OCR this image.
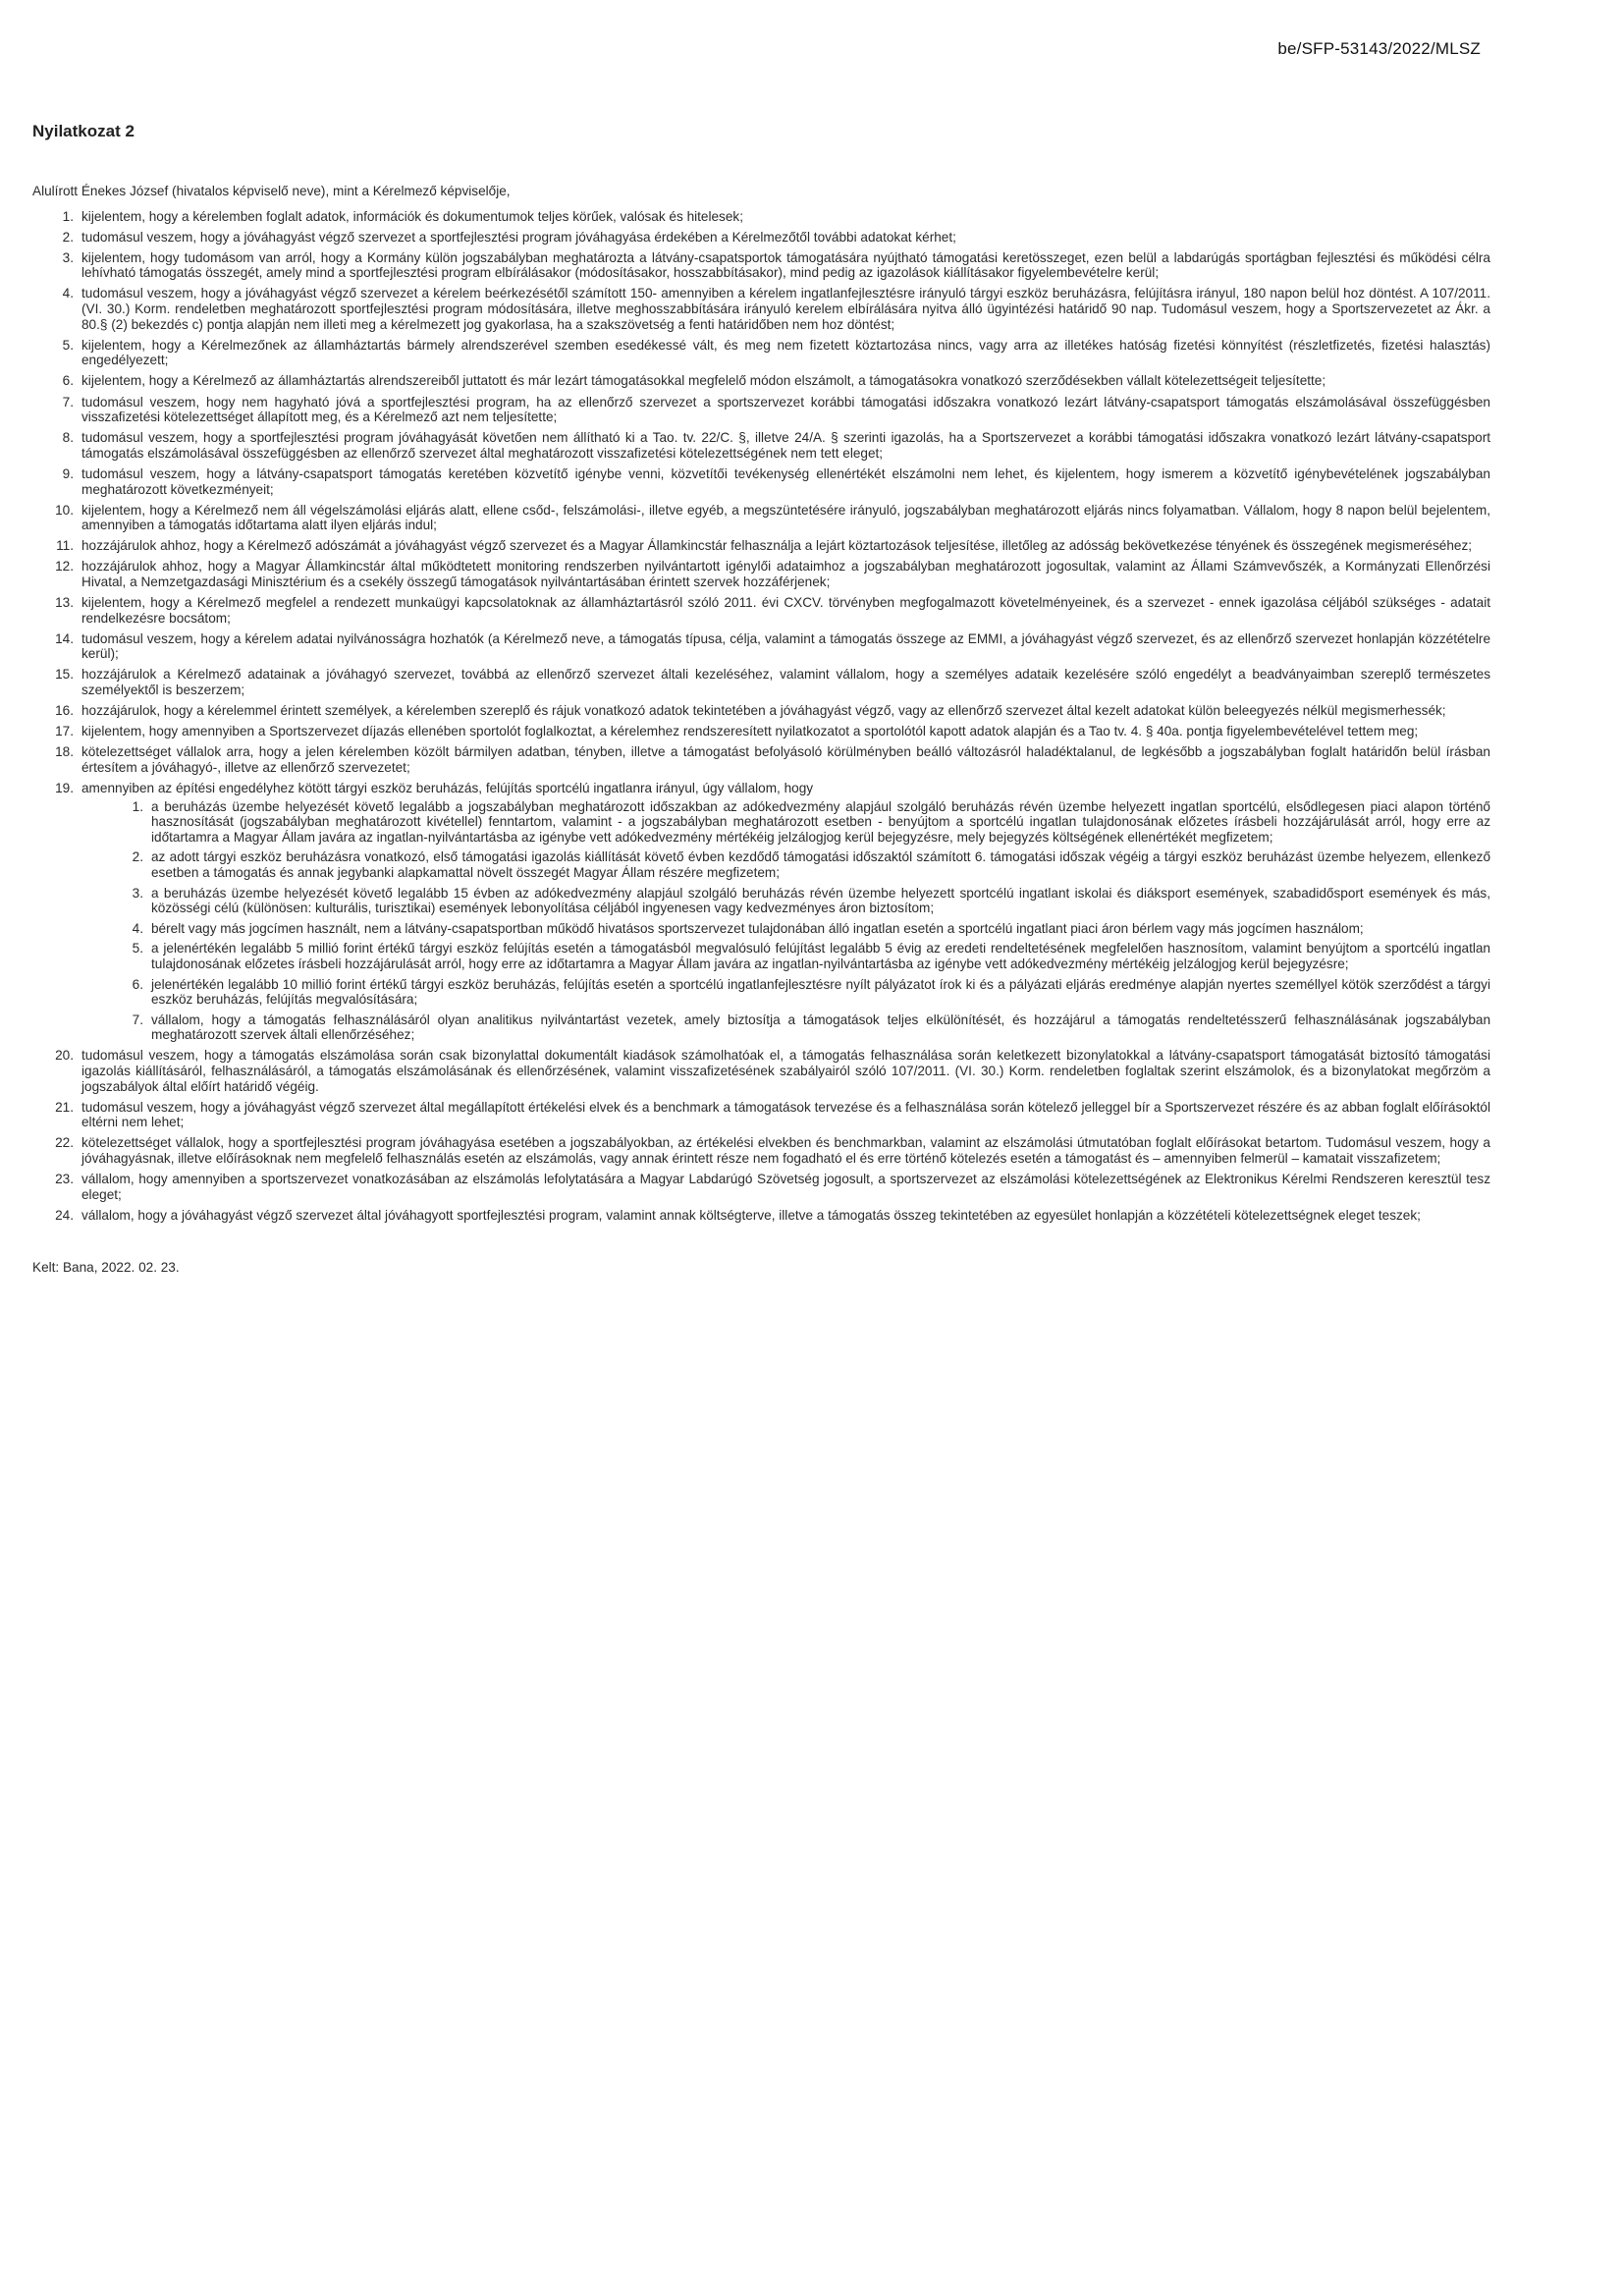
be/SFP-53143/2022/MLSZ
Nyilatkozat 2

Alulírott Énekes József (hivatalos képviselő neve), mint a Kérelmező képviselője,

1. kijelentem, hogy a kérelemben foglalt adatok, információk és dokumentumok teljes körűek, valósak és hitelesek;
2. tudomásul veszem, hogy a jóváhagyást végző szervezet a sportfejlesztési program jóváhagyása érdekében a Kérelmezőtől további adatokat kérhet;
3. kijelentem, hogy tudomásom van arról, hogy a Kormány külön jogszabályban meghatározta a látvány-csapatsportok támogatására nyújtható támogatási keretösszeget, ezen belül a labdarúgás sportágban fejlesztési és működési célra lehívható támogatás összegét, amely mind a sportfejlesztési program elbírálásakor (módosításakor, hosszabbításakor), mind pedig az igazolások kiállításakor figyelembevételre kerül;
4. tudomásul veszem, hogy a jóváhagyást végző szervezet a kérelem beérkezésétől számított 150- amennyiben a kérelem ingatlanfejlesztésre irányuló tárgyi eszköz beruházásra, felújításra irányul, 180 napon belül hoz döntést. A 107/2011. (VI. 30.) Korm. rendeletben meghatározott sportfejlesztési program módosítására, illetve meghosszabbítására irányuló kerelem elbírálására nyitva álló ügyintézési határidő 90 nap. Tudomásul veszem, hogy a Sportszervezetet az Ákr. a 80.§ (2) bekezdés c) pontja alapján nem illeti meg a kérelmezett jog gyakorlasa, ha a szakszövetség a fenti határidőben nem hoz döntést;
5. kijelentem, hogy a Kérelmezőnek az államháztartás bármely alrendszerével szemben esedékessé vált, és meg nem fizetett köztartozása nincs, vagy arra az illetékes hatóság fizetési könnyítést (részletfizetés, fizetési halasztás) engedélyezett;
6. kijelentem, hogy a Kérelmező az államháztartás alrendszereiből juttatott és már lezárt támogatásokkal megfelelő módon elszámolt, a támogatásokra vonatkozó szerződésekben vállalt kötelezettségeit teljesítette;
7. tudomásul veszem, hogy nem hagyható jóvá a sportfejlesztési program, ha az ellenőrző szervezet a sportszervezet korábbi támogatási időszakra vonatkozó lezárt látvány-csapatsport támogatás elszámolásával összefüggésben visszafizetési kötelezettséget állapított meg, és a Kérelmező azt nem teljesítette;
8. tudomásul veszem, hogy a sportfejlesztési program jóváhagyását követően nem állítható ki a Tao. tv. 22/C. §, illetve 24/A. § szerinti igazolás, ha a Sportszervezet a korábbi támogatási időszakra vonatkozó lezárt látvány-csapatsport támogatás elszámolásával összefüggésben az ellenőrző szervezet által meghatározott visszafizetési kötelezettségének nem tett eleget;
9. tudomásul veszem, hogy a látvány-csapatsport támogatás keretében közvetítő igénybe venni, közvetítői tevékenység ellenértékét elszámolni nem lehet, és kijelentem, hogy ismerem a közvetítő igénybevételének jogszabályban meghatározott következményeit;
10. kijelentem, hogy a Kérelmező nem áll végelszámolási eljárás alatt, ellene csőd-, felszámolási-, illetve egyéb, a megszüntetésére irányuló, jogszabályban meghatározott eljárás nincs folyamatban. Vállalom, hogy 8 napon belül bejelentem, amennyiben a támogatás időtartama alatt ilyen eljárás indul;
11. hozzájárulok ahhoz, hogy a Kérelmező adószámát a jóváhagyást végző szervezet és a Magyar Államkincstár felhasználja a lejárt köztartozások teljesítése, illetőleg az adósság bekövetkezése tényének és összegének megismeréséhez;
12. hozzájárulok ahhoz, hogy a Magyar Államkincstár által működtetett monitoring rendszerben nyilvántartott igénylői adataimhoz a jogszabályban meghatározott jogosultak, valamint az Állami Számvevőszék, a Kormányzati Ellenőrzési Hivatal, a Nemzetgazdasági Minisztérium és a csekély összegű támogatások nyilvántartásában érintett szervek hozzáférjenek;
13. kijelentem, hogy a Kérelmező megfelel a rendezett munkaügyi kapcsolatoknak az államháztartásról szóló 2011. évi CXCV. törvényben megfogalmazott követelményeinek, és a szervezet - ennek igazolása céljából szükséges - adatait rendelkezésre bocsátom;
14. tudomásul veszem, hogy a kérelem adatai nyilvánosságra hozhatók (a Kérelmező neve, a támogatás típusa, célja, valamint a támogatás összege az EMMI, a jóváhagyást végző szervezet, és az ellenőrző szervezet honlapján közzétételre kerül);
15. hozzájárulok a Kérelmező adatainak a jóváhagyó szervezet, továbbá az ellenőrző szervezet általi kezeléséhez, valamint vállalom, hogy a személyes adataik kezelésére szóló engedélyt a beadványaimban szereplő természetes személyektől is beszerzem;
16. hozzájárulok, hogy a kérelemmel érintett személyek, a kérelemben szereplő és rájuk vonatkozó adatok tekintetében a jóváhagyást végző, vagy az ellenőrző szervezet által kezelt adatokat külön beleegyezés nélkül megismerhessék;
17. kijelentem, hogy amennyiben a Sportszervezet díjazás ellenében sportolót foglalkoztat, a kérelemhez rendszeresített nyilatkozatot a sportolótól kapott adatok alapján és a Tao tv. 4. § 40a. pontja figyelembevételével tettem meg;
18. kötelezettséget vállalok arra, hogy a jelen kérelemben közölt bármilyen adatban, tényben, illetve a támogatást befolyásoló körülményben beálló változásról haladéktalanul, de legkésőbb a jogszabályban foglalt határidőn belül írásban értesítem a jóváhagyó-, illetve az ellenőrző szervezetet;
19. amennyiben az építési engedélyhez kötött tárgyi eszköz beruházás, felújítás sportcélú ingatlanra irányul, úgy vállalom, hogy
1. a beruházás üzembe helyezését követő legalább a jogszabályban meghatározott időszakban az adókedvezmény alapjául szolgáló beruházás révén üzembe helyezett ingatlan sportcélú, elsődlegesen piaci alapon történő hasznosítását (jogszabályban meghatározott kivétellel) fenntartom, valamint - a jogszabályban meghatározott esetben - benyújtom a sportcélú ingatlan tulajdonosának előzetes írásbeli hozzájárulását arról, hogy erre az időtartamra a Magyar Állam javára az ingatlan-nyilvántartásba az igénybe vett adókedvezmény mértékéig jelzálogjog kerül bejegyzésre, mely bejegyzés költségének ellenértékét megfizetem;
2. az adott tárgyi eszköz beruházásra vonatkozó, első támogatási igazolás kiállítását követő évben kezdődő támogatási időszaktól számított 6. támogatási időszak végéig a tárgyi eszköz beruházást üzembe helyezem, ellenkező esetben a támogatás és annak jegybanki alapkamattal növelt összegét Magyar Állam részére megfizetem;
3. a beruházás üzembe helyezését követő legalább 15 évben az adókedvezmény alapjául szolgáló beruházás révén üzembe helyezett sportcélú ingatlant iskolai és diáksport események, szabadidősport események és más, közösségi célú (különösen: kulturális, turisztikai) események lebonyolítása céljából ingyenesen vagy kedvezményes áron biztosítom;
4. bérelt vagy más jogcímen használt, nem a látvány-csapatsportban működő hivatásos sportszervezet tulajdonában álló ingatlan esetén a sportcélú ingatlant piaci áron bérlem vagy más jogcímen használom;
5. a jelenértékén legalább 5 millió forint értékű tárgyi eszköz felújítás esetén a támogatásból megvalósuló felújítást legalább 5 évig az eredeti rendeltetésének megfelelően hasznosítom, valamint benyújtom a sportcélú ingatlan tulajdonosának előzetes írásbeli hozzájárulását arról, hogy erre az időtartamra a Magyar Állam javára az ingatlan-nyilvántartásba az igénybe vett adókedvezmény mértékéig jelzálogjog kerül bejegyzésre;
6. jelenértékén legalább 10 millió forint értékű tárgyi eszköz beruházás, felújítás esetén a sportcélú ingatlanfejlesztésre nyílt pályázatot írok ki és a pályázati eljárás eredménye alapján nyertes személlyel kötök szerződést a tárgyi eszköz beruházás, felújítás megvalósítására;
7. vállalom, hogy a támogatás felhasználásáról olyan analitikus nyilvántartást vezetek, amely biztosítja a támogatások teljes elkülönítését, és hozzájárul a támogatás rendeltetésszerű felhasználásának jogszabályban meghatározott szervek általi ellenőrzéséhez;
20. tudomásul veszem, hogy a támogatás elszámolása során csak bizonylattal dokumentált kiadások számolhatóak el, a támogatás felhasználása során keletkezett bizonylatokkal a látvány-csapatsport támogatását biztosító támogatási igazolás kiállításáról, felhasználásáról, a támogatás elszámolásának és ellenőrzésének, valamint visszafizetésének szabályairól szóló 107/2011. (VI. 30.) Korm. rendeletben foglaltak szerint elszámolok, és a bizonylatokat megőrzöm a jogszabályok által előírt határidő végéig.
21. tudomásul veszem, hogy a jóváhagyást végző szervezet által megállapított értékelési elvek és a benchmark a támogatások tervezése és a felhasználása során kötelező jelleggel bír a Sportszervezet részére és az abban foglalt előírásoktól eltérni nem lehet;
22. kötelezettséget vállalok, hogy a sportfejlesztési program jóváhagyása esetében a jogszabályokban, az értékelési elvekben és benchmarkban, valamint az elszámolási útmutatóban foglalt előírásokat betartom. Tudomásul veszem, hogy a jóváhagyásnak, illetve előírásoknak nem megfelelő felhasználás esetén az elszámolás, vagy annak érintett része nem fogadható el és erre történő kötelezés esetén a támogatást és – amennyiben felmerül – kamatait visszafizetem;
23. vállalom, hogy amennyiben a sportszervezet vonatkozásában az elszámolás lefolytatására a Magyar Labdarúgó Szövetség jogosult, a sportszervezet az elszámolási kötelezettségének az Elektronikus Kérelmi Rendszeren keresztül tesz eleget;
24. vállalom, hogy a jóváhagyást végző szervezet által jóváhagyott sportfejlesztési program, valamint annak költségterve, illetve a támogatás összeg tekintetében az egyesület honlapján a közzétételi kötelezettségnek eleget teszek;
Kelt: Bana, 2022. 02. 23.
